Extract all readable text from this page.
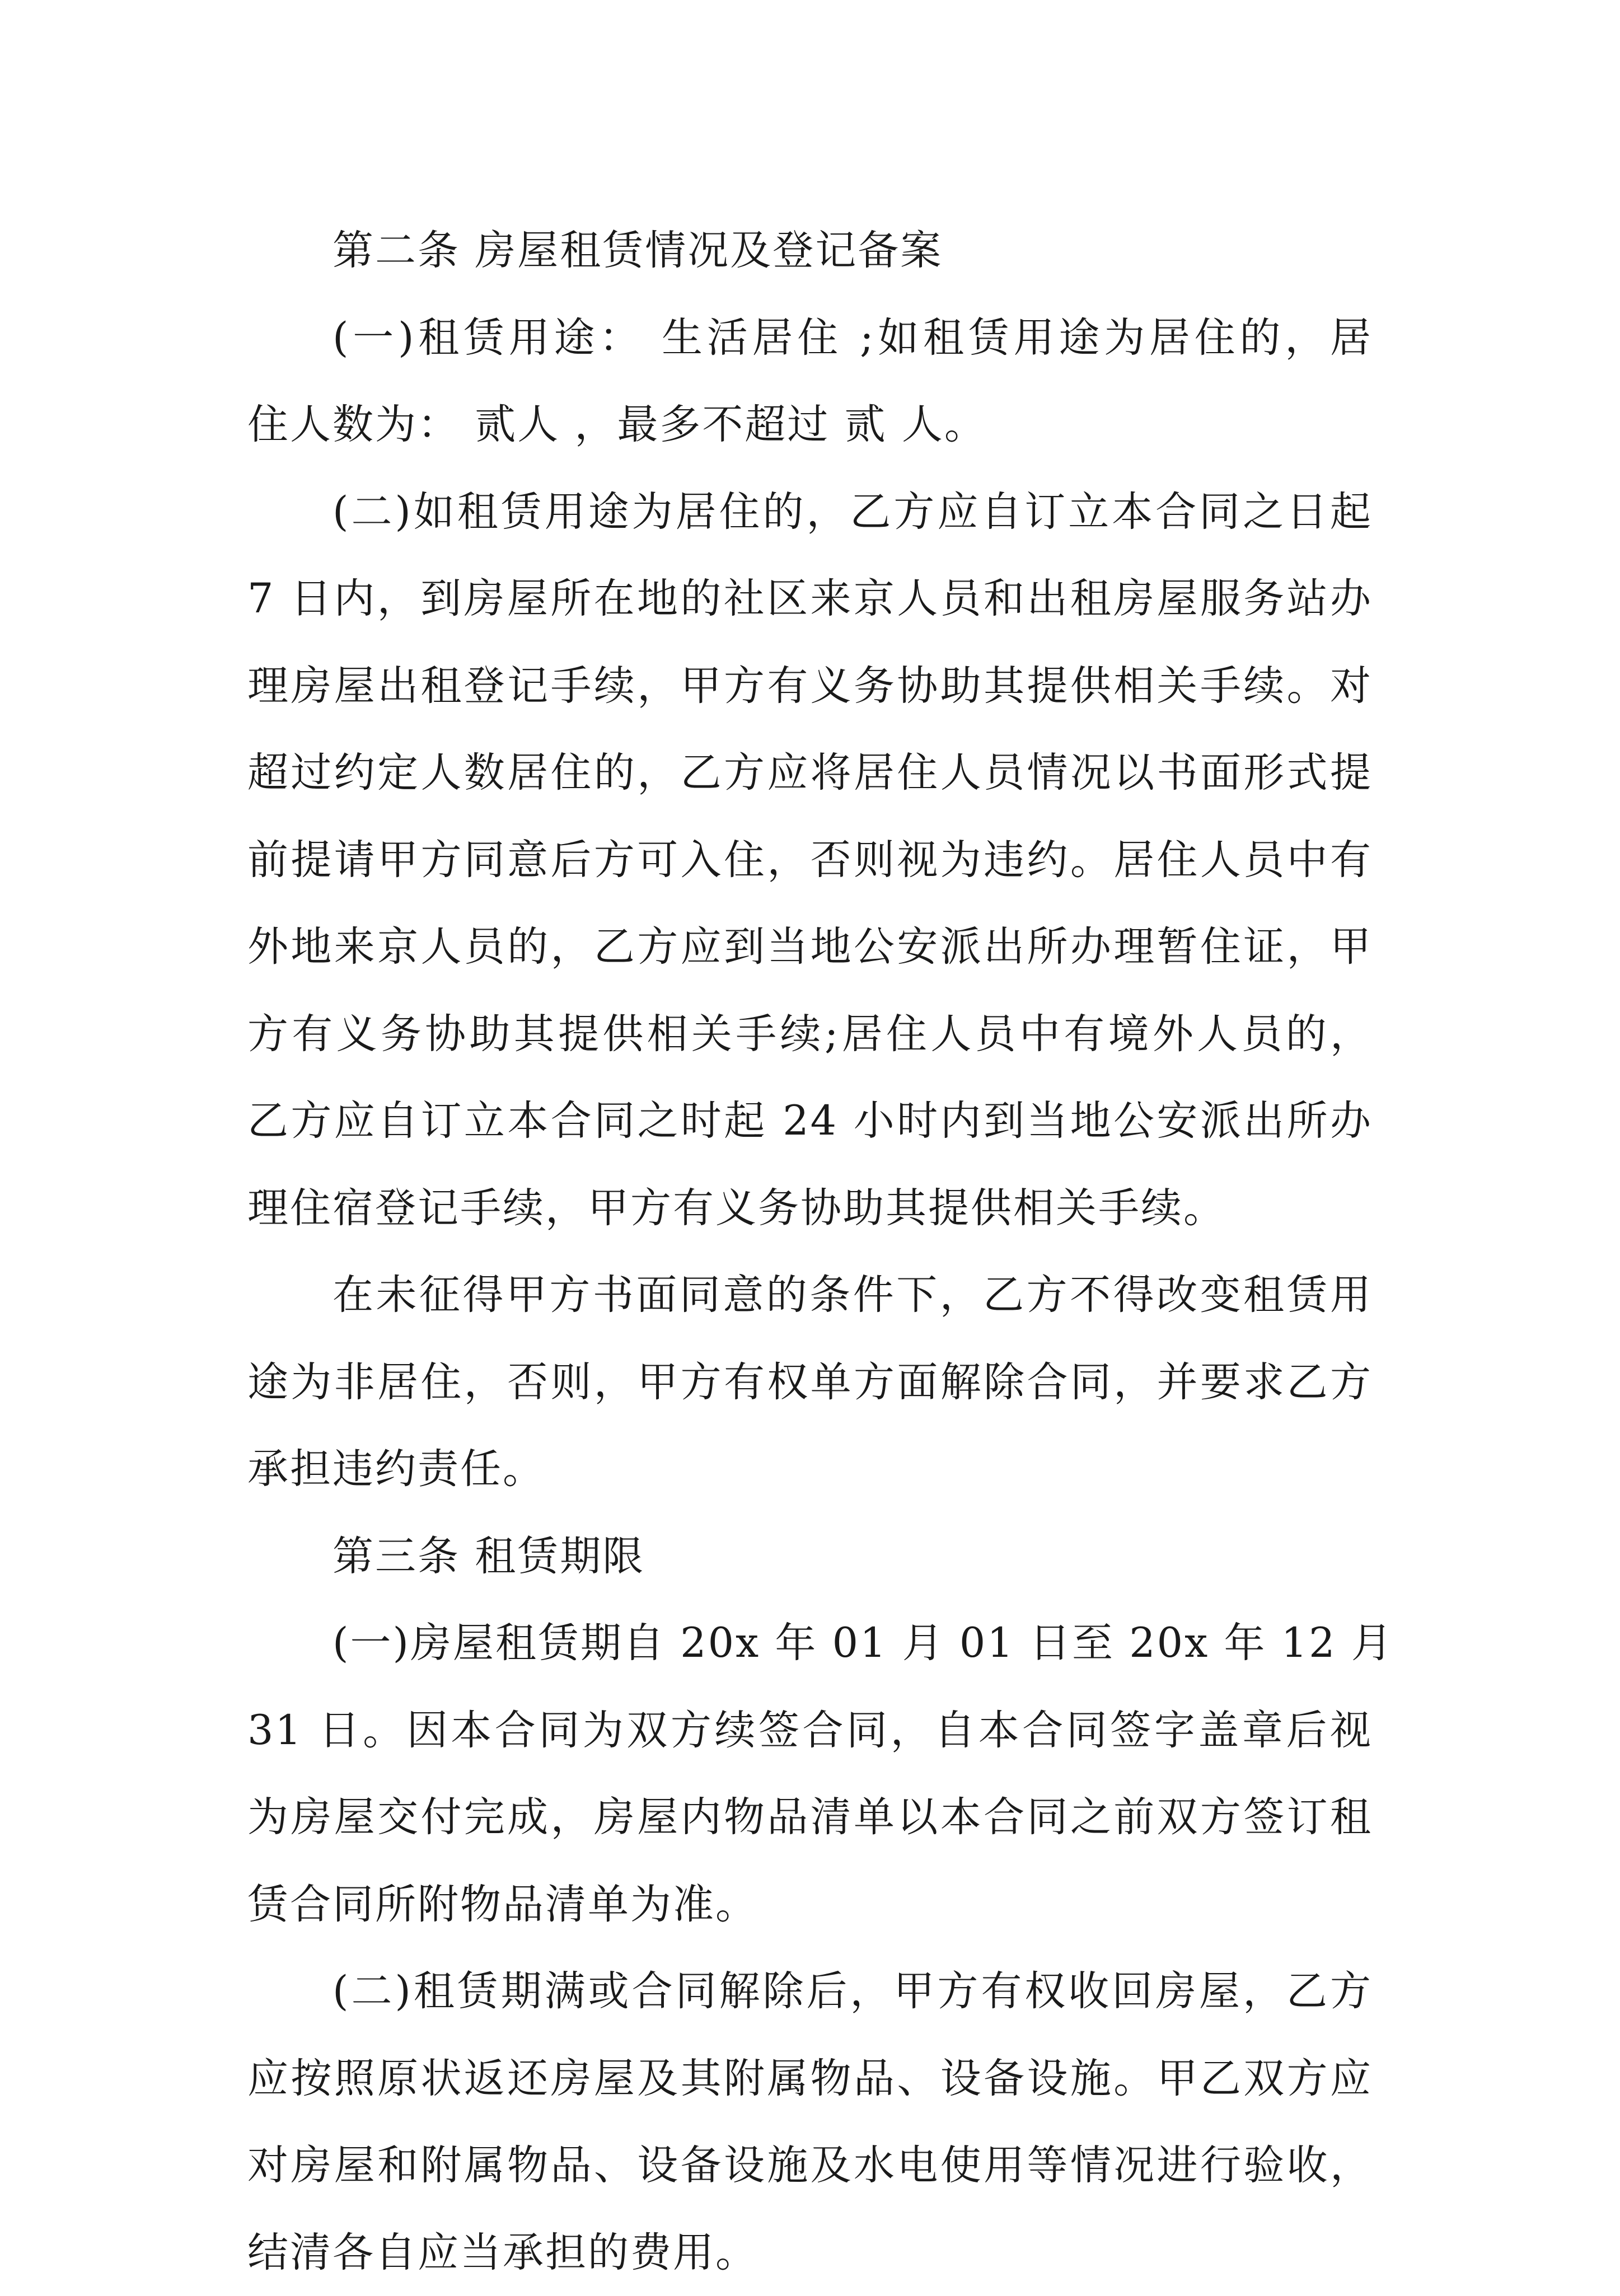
第二条 房屋租赁情况及登记备案
(一)租赁用途： 生活居住 ;如租赁用途为居住的，居
住人数为： 贰人 ，最多不超过 贰 人。
(二)如租赁用途为居住的，乙方应自订立本合同之日起
7 日内，到房屋所在地的社区来京人员和出租房屋服务站办
理房屋出租登记手续，甲方有义务协助其提供相关手续。对
超过约定人数居住的，乙方应将居住人员情况以书面形式提
前提请甲方同意后方可入住，否则视为违约。居住人员中有
外地来京人员的，乙方应到当地公安派出所办理暂住证，甲
方有义务协助其提供相关手续;居住人员中有境外人员的，
乙方应自订立本合同之时起 24 小时内到当地公安派出所办
理住宿登记手续，甲方有义务协助其提供相关手续。
在未征得甲方书面同意的条件下，乙方不得改变租赁用
途为非居住，否则，甲方有权单方面解除合同，并要求乙方
承担违约责任。
第三条 租赁期限
(一)房屋租赁期自 20x 年 01 月 01 日至 20x 年 12 月
31 日。因本合同为双方续签合同，自本合同签字盖章后视
为房屋交付完成，房屋内物品清单以本合同之前双方签订租
赁合同所附物品清单为准。
(二)租赁期满或合同解除后，甲方有权收回房屋，乙方
应按照原状返还房屋及其附属物品、设备设施。甲乙双方应
对房屋和附属物品、设备设施及水电使用等情况进行验收，
结清各自应当承担的费用。
